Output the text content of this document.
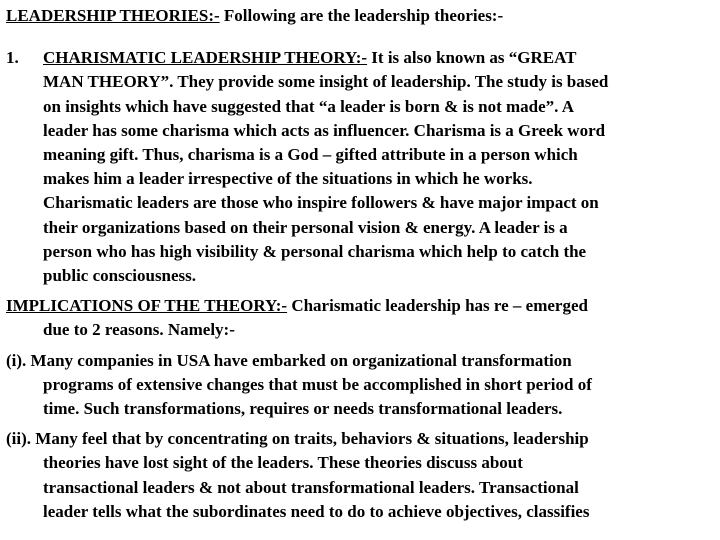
LEADERSHIP THEORIES:- Following are the leadership theories:-

1. CHARISMATIC LEADERSHIP THEORY:- It is also known as “GREAT
MAN THEORY”. They provide some insight of leadership. The study is based
on insights which have suggested that “a leader is born & is not made”. A
leader has some charisma which acts as influencer. Charisma is a Greek word
meaning gift. Thus, charisma is a God – gifted attribute in a person which
makes him a leader irrespective of the situations in which he works.
Charismatic leaders are those who inspire followers & have major impact on
their organizations based on their personal vision & energy. A leader is a
person who has high visibility & personal charisma which help to catch the
public consciousness.
IMPLICATIONS OF THE THEORY:- Charismatic leadership has re – emerged
due to 2 reasons. Namely:-
(i). Many companies in USA have embarked on organizational transformation
programs of extensive changes that must be accomplished in short period of
time. Such transformations, requires or needs transformational leaders.
(ii). Many feel that by concentrating on traits, behaviors & situations, leadership
theories have lost sight of the leaders. These theories discuss about
transactional leaders & not about transformational leaders. Transactional
leader tells what the subordinates need to do to achieve objectives, classifies
